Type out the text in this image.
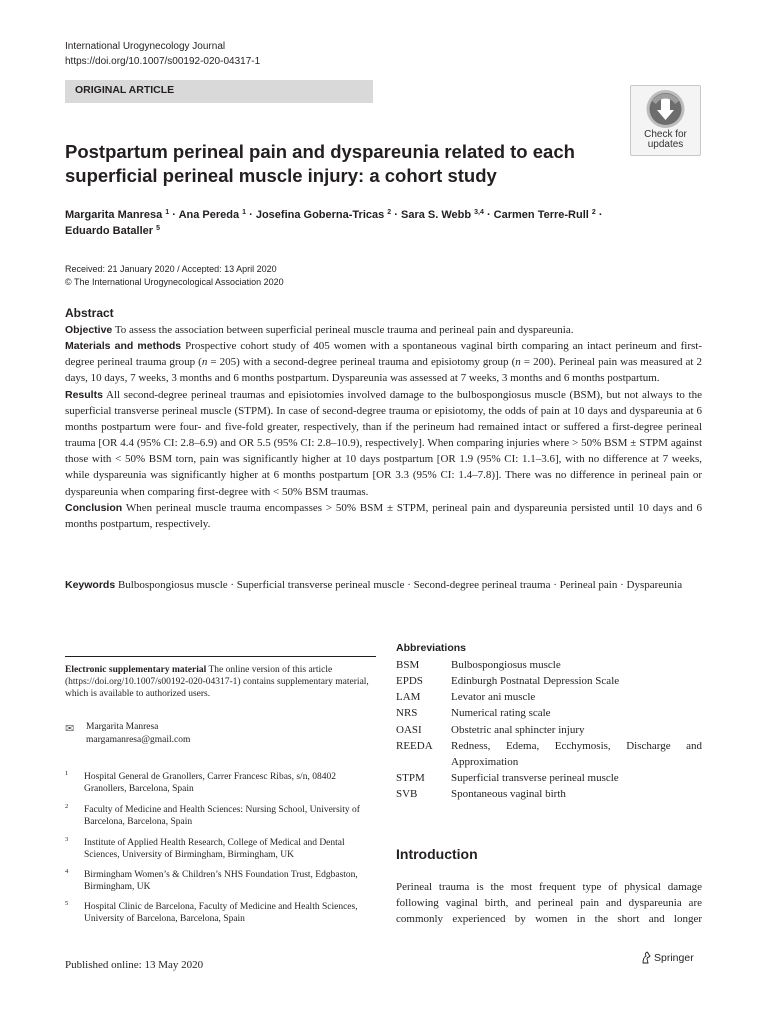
International Urogynecology Journal
https://doi.org/10.1007/s00192-020-04317-1
ORIGINAL ARTICLE
Check for
updates
Postpartum perineal pain and dyspareunia related to each superficial perineal muscle injury: a cohort study
Margarita Manresa $^1$ · Ana Pereda $^1$ · Josefina Goberna-Tricas $^2$ · Sara S. Webb $^{3,4}$ · Carmen Terre-Rull $^2$ ·
Eduardo Bataller $^5$
Received: 21 January 2020 / Accepted: 13 April 2020
© The International Urogynecological Association 2020
Abstract

Objective To assess the association between superficial perineal muscle trauma and perineal pain and dyspareunia.

Materials and methods Prospective cohort study of 405 women with a spontaneous vaginal birth comparing an intact perineum and first-degree perineal trauma group (n = 205) with a second-degree perineal trauma and episiotomy group (n = 200). Perineal pain was measured at 2 days, 10 days, 7 weeks, 3 months and 6 months postpartum. Dyspareunia was assessed at 7 weeks, 3 months and 6 months postpartum.

Results All second-degree perineal traumas and episiotomies involved damage to the bulbospongiosus muscle (BSM), but not always to the superficial transverse perineal muscle (STPM). In case of second-degree trauma or episiotomy, the odds of pain at 10 days and dyspareunia at 6 months postpartum were four- and five-fold greater, respectively, than if the perineum had remained intact or suffered a first-degree perineal trauma [OR 4.4 (95% CI: 2.8–6.9) and OR 5.5 (95% CI: 2.8–10.9), respectively]. When comparing injuries where > 50% BSM ± STPM against those with < 50% BSM torn, pain was significantly higher at 10 days postpartum [OR 1.9 (95% CI: 1.1–3.6], with no difference at 7 weeks, while dyspareunia was significantly higher at 6 months postpartum [OR 3.3 (95% CI: 1.4–7.8)]. There was no difference in perineal pain or dyspareunia when comparing first-degree with < 50% BSM traumas.

Conclusion When perineal muscle trauma encompasses > 50% BSM ± STPM, perineal pain and dyspareunia persisted until 10 days and 6 months postpartum, respectively.

Keywords Bulbospongiosus muscle · Superficial transverse perineal muscle · Second-degree perineal trauma · Perineal pain · Dyspareunia
Electronic supplementary material The online version of this article (https://doi.org/10.1007/s00192-020-04317-1) contains supplementary material, which is available to authorized users.
✉ Margarita Manresa
margamanresa@gmail.com
1 Hospital General de Granollers, Carrer Francesc Ribas, s/n, 08402 Granollers, Barcelona, Spain
2 Faculty of Medicine and Health Sciences: Nursing School, University of Barcelona, Barcelona, Spain
3 Institute of Applied Health Research, College of Medical and Dental Sciences, University of Birmingham, Birmingham, UK
4 Birmingham Women’s & Children’s NHS Foundation Trust, Edgbaston, Birmingham, UK
5 Hospital Clinic de Barcelona, Faculty of Medicine and Health Sciences, University of Barcelona, Barcelona, Spain
Published online: 13 May 2020
Abbreviations
BSM	Bulbospongiosus muscle
EPDS	Edinburgh Postnatal Depression Scale
LAM	Levator ani muscle
NRS	Numerical rating scale
OASI	Obstetric anal sphincter injury
REEDA	Redness, Edema, Ecchymosis, Discharge and Approximation
STPM	Superficial transverse perineal muscle
SVB	Spontaneous vaginal birth
Introduction

Perineal trauma is the most frequent type of physical damage following vaginal birth, and perineal pain and dyspareunia are commonly experienced by women in the short and longer

Springer
